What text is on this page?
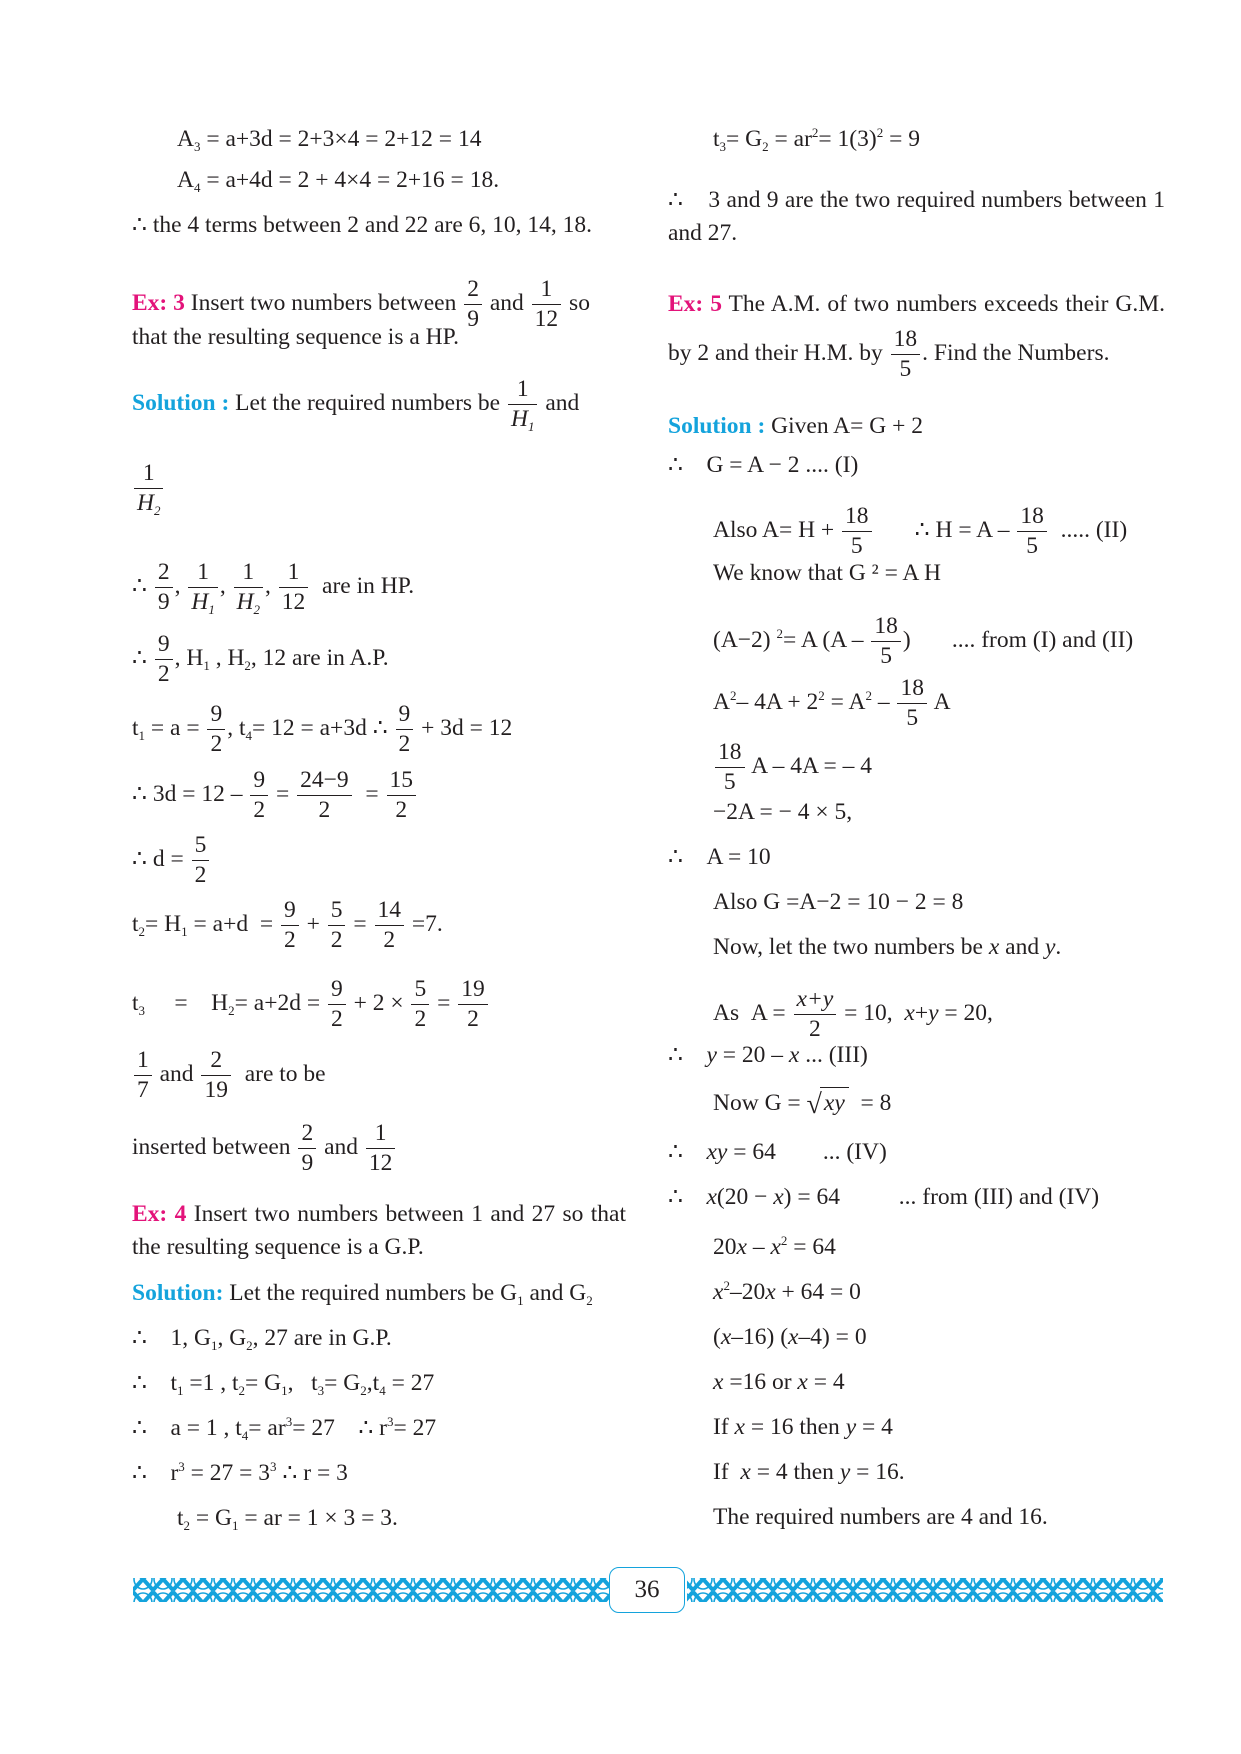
$A_3 = a+3d = 2+3\times 4 = 2+12 = 14$
$A_4 = a+4d = 2 + 4\times 4 = 2+16 = 18$.
∴ the 4 terms between 2 and 22 are 6, 10, 14, 18.
Ex: 3 Insert two numbers between $\frac{2}{9}$ and $\frac{1}{12}$ so
that the resulting sequence is a HP.
Solution : Let the required numbers be $\frac{1}{H_1}$ and
$\frac{1}{H_2}$
∴ $\frac{2}{9}$ , $\frac{1}{H_1}$ , $\frac{1}{H_2}$ , $\frac{1}{12}$ are in HP.
∴ $\frac{9}{2}$ , $H_1$ , $H_2$, 12 are in A.P.
$t_1 = a = \frac{9}{2}$ , $t_4= 12 = a+3d$ ∴ $\frac{9}{2} + 3d = 12$
∴ $3d = 12 - \frac{9}{2} = \frac{24-9}{2} = \frac{15}{2}$
∴ $d = \frac{5}{2}$
$t_2= H_1 = a+d = \frac{9}{2} + \frac{5}{2} = \frac{14}{2} =7$.
$t_3$     =    $H_2= a+2d = \frac{9}{2} + 2 \times \frac{5}{2} = \frac{19}{2}$
$\frac{1}{7}$ and $\frac{2}{19}$ are to be
inserted between $\frac{2}{9}$ and $\frac{1}{12}$
Ex: 4 Insert two numbers between 1 and 27 so that the resulting sequence is a G.P.
Solution: Let the required numbers be $G_1$ and $G_2$
∴    1, $G_1$, $G_2$, 27 are in G.P.
∴    $t_1 =1$ , $t_2= G_1$,   $t_3= G_2,t_4 = 27$
∴    a = 1 , $t_4= ar^3= 27$    ∴ $r^3= 27$
∴    $r^3 = 27 = 3^3$ ∴ r = 3
$t_2 = G_1$ = ar = 1 × 3 = 3.
$t_3= G_2 = ar^2= 1(3)^2 = 9$
∴    3 and 9 are the two required numbers between 1 and 27.
Ex: 5 The A.M. of two numbers exceeds their G.M. by 2 and their H.M. by $\frac{18}{5}$ . Find the Numbers.
Solution : Given A= G + 2
∴    G = A − 2 .... (I)
Also $A= H + \frac{18}{5}$ ∴ $H = A - \frac{18}{5}$ ..... (II)
We know that G ² = A H
(A−2) $^2$= A ($A - \frac{18}{5}$ )       .... from (I) and (II)
$A^2-$ $4A + 2^2 = A^2 - \frac{18}{5}$ A
$\frac{18}{5}$ A – 4A = – 4
−2A = − 4 × 5,
∴    A = 10
Also G =A−2 = 10 − 2 = 8
Now, let the two numbers be x and y.
As  $A = \frac{x+y}{2} = 10$,  x+y = 20,
∴    y = 20 – x ... (III)
Now G = √xy  = 8
∴    xy = 64        ... (IV)
∴    x(20 − x) = 64          ... from (III) and (IV)
$20x - x^2 = 64$
$x^2-20x + 64 = 0$
(x–16) (x–4) = 0
x =16 or x = 4
If x = 16 then y = 4
If  x = 4 then y = 16.
The required numbers are 4 and 16.
36
